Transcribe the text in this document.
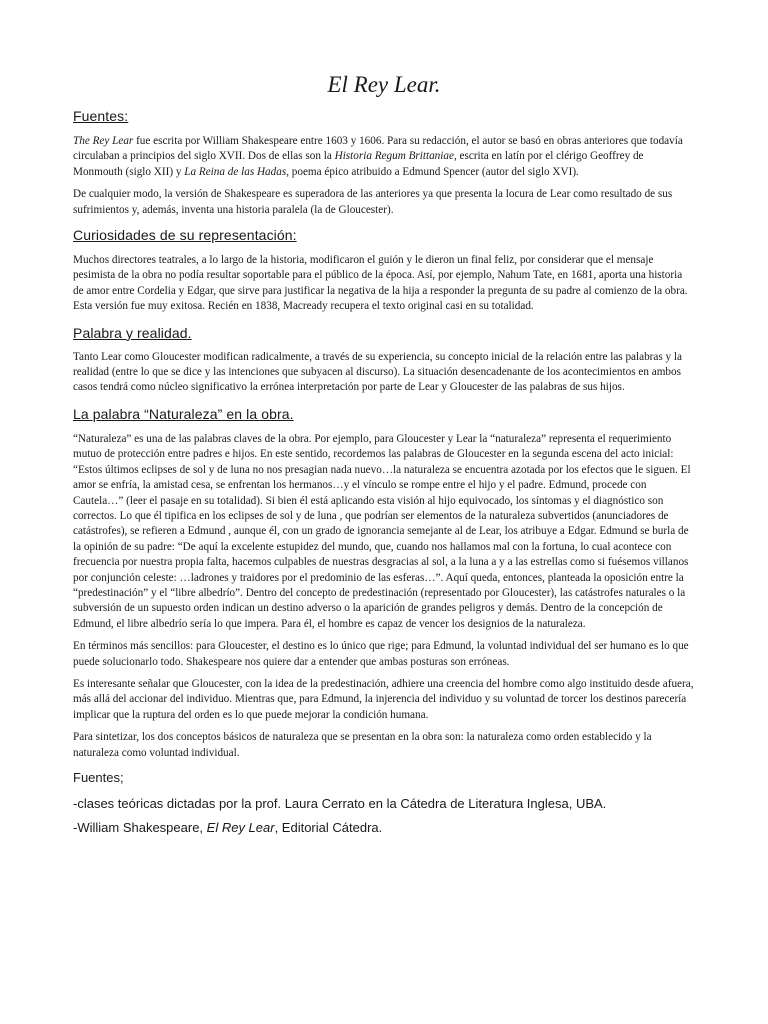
El Rey Lear.
Fuentes:

The Rey Lear fue escrita por William Shakespeare entre 1603 y 1606. Para su redacción, el autor se basó en obras anteriores que todavía circulaban a principios del siglo XVII. Dos de ellas son la Historia Regum Brittaniae, escrita en latín por el clérigo Geoffrey de Monmouth (siglo XII) y La Reina de las Hadas, poema épico atribuido a Edmund Spencer (autor del siglo XVI).

De cualquier modo, la versión de Shakespeare es superadora de las anteriores ya que presenta la locura de Lear como resultado de sus sufrimientos y, además, inventa una historia paralela (la de Gloucester).

Curiosidades de su representación:

Muchos directores teatrales, a lo largo de la historia, modificaron el guión y le dieron un final feliz, por considerar que el mensaje pesimista de la obra no podía resultar soportable para el público de la época. Así, por ejemplo, Nahum Tate, en 1681, aporta una historia de amor entre Cordelia y Edgar, que sirve para justificar la negativa de la hija a responder la pregunta de su padre al comienzo de la obra. Esta versión fue muy exitosa. Recién en 1838, Macready recupera el texto original casi en su totalidad.

Palabra y realidad.

Tanto Lear como Gloucester modifican radicalmente, a través de su experiencia, su concepto inicial de la relación entre las palabras y la realidad (entre lo que se dice y las intenciones que subyacen al discurso). La situación desencadenante de los acontecimientos en ambos casos tendrá como núcleo significativo la errónea interpretación por parte de Lear y Gloucester de las palabras de sus hijos.

La palabra “Naturaleza” en la obra.

“Naturaleza” es una de las palabras claves de la obra. Por ejemplo, para Gloucester y Lear la “naturaleza” representa el requerimiento mutuo de protección entre padres e hijos. En este sentido, recordemos las palabras de Gloucester en la segunda escena del acto inicial: “Estos últimos eclipses de sol y de luna no nos presagian nada nuevo…la naturaleza se encuentra azotada por los efectos que le siguen. El amor se enfría, la amistad cesa, se enfrentan los hermanos…y el vínculo se rompe entre el hijo y el padre. Edmund, procede con Cautela…” (leer el pasaje en su totalidad). Si bien él está aplicando esta visión al hijo equivocado, los síntomas y el diagnóstico son correctos. Lo que él tipifica en los eclipses de sol y de luna , que podrían ser elementos de la naturaleza subvertidos (anunciadores de catástrofes), se refieren a Edmund , aunque él, con un grado de ignorancia semejante al de Lear, los atribuye a Edgar. Edmund se burla de la opinión de su padre: “De aquí la excelente estupidez del mundo, que, cuando nos hallamos mal con la fortuna, lo cual acontece con frecuencia por nuestra propia falta, hacemos culpables de nuestras desgracias al sol, a la luna a y a las estrellas como si fuésemos villanos por conjunción celeste: …ladrones y traidores por el predominio de las esferas…”. Aquí queda, entonces, planteada la oposición entre la “predestinación” y el “libre albedrío”. Dentro del concepto de predestinación (representado por Gloucester), las catástrofes naturales o la subversión de un supuesto orden indican un destino adverso o la aparición de grandes peligros y demás. Dentro de la concepción de Edmund, el libre albedrío sería lo que impera. Para él, el hombre es capaz de vencer los designios de la naturaleza.

En términos más sencillos: para Gloucester, el destino es lo único que rige; para Edmund, la voluntad individual del ser humano es lo que puede solucionarlo todo. Shakespeare nos quiere dar a entender que ambas posturas son erróneas.

Es interesante señalar que Gloucester, con la idea de la predestinación, adhiere una creencia del hombre como algo instituido desde afuera, más allá del accionar del individuo. Mientras que, para Edmund, la injerencia del individuo y su voluntad de torcer los destinos parecería implicar que la ruptura del orden es lo que puede mejorar la condición humana.

Para sintetizar, los dos conceptos básicos de naturaleza que se presentan en la obra son: la naturaleza como orden establecido y la naturaleza como voluntad individual.

Fuentes;

-clases teóricas dictadas por la prof. Laura Cerrato en la Cátedra de Literatura Inglesa, UBA.

-William Shakespeare, El Rey Lear, Editorial Cátedra.
